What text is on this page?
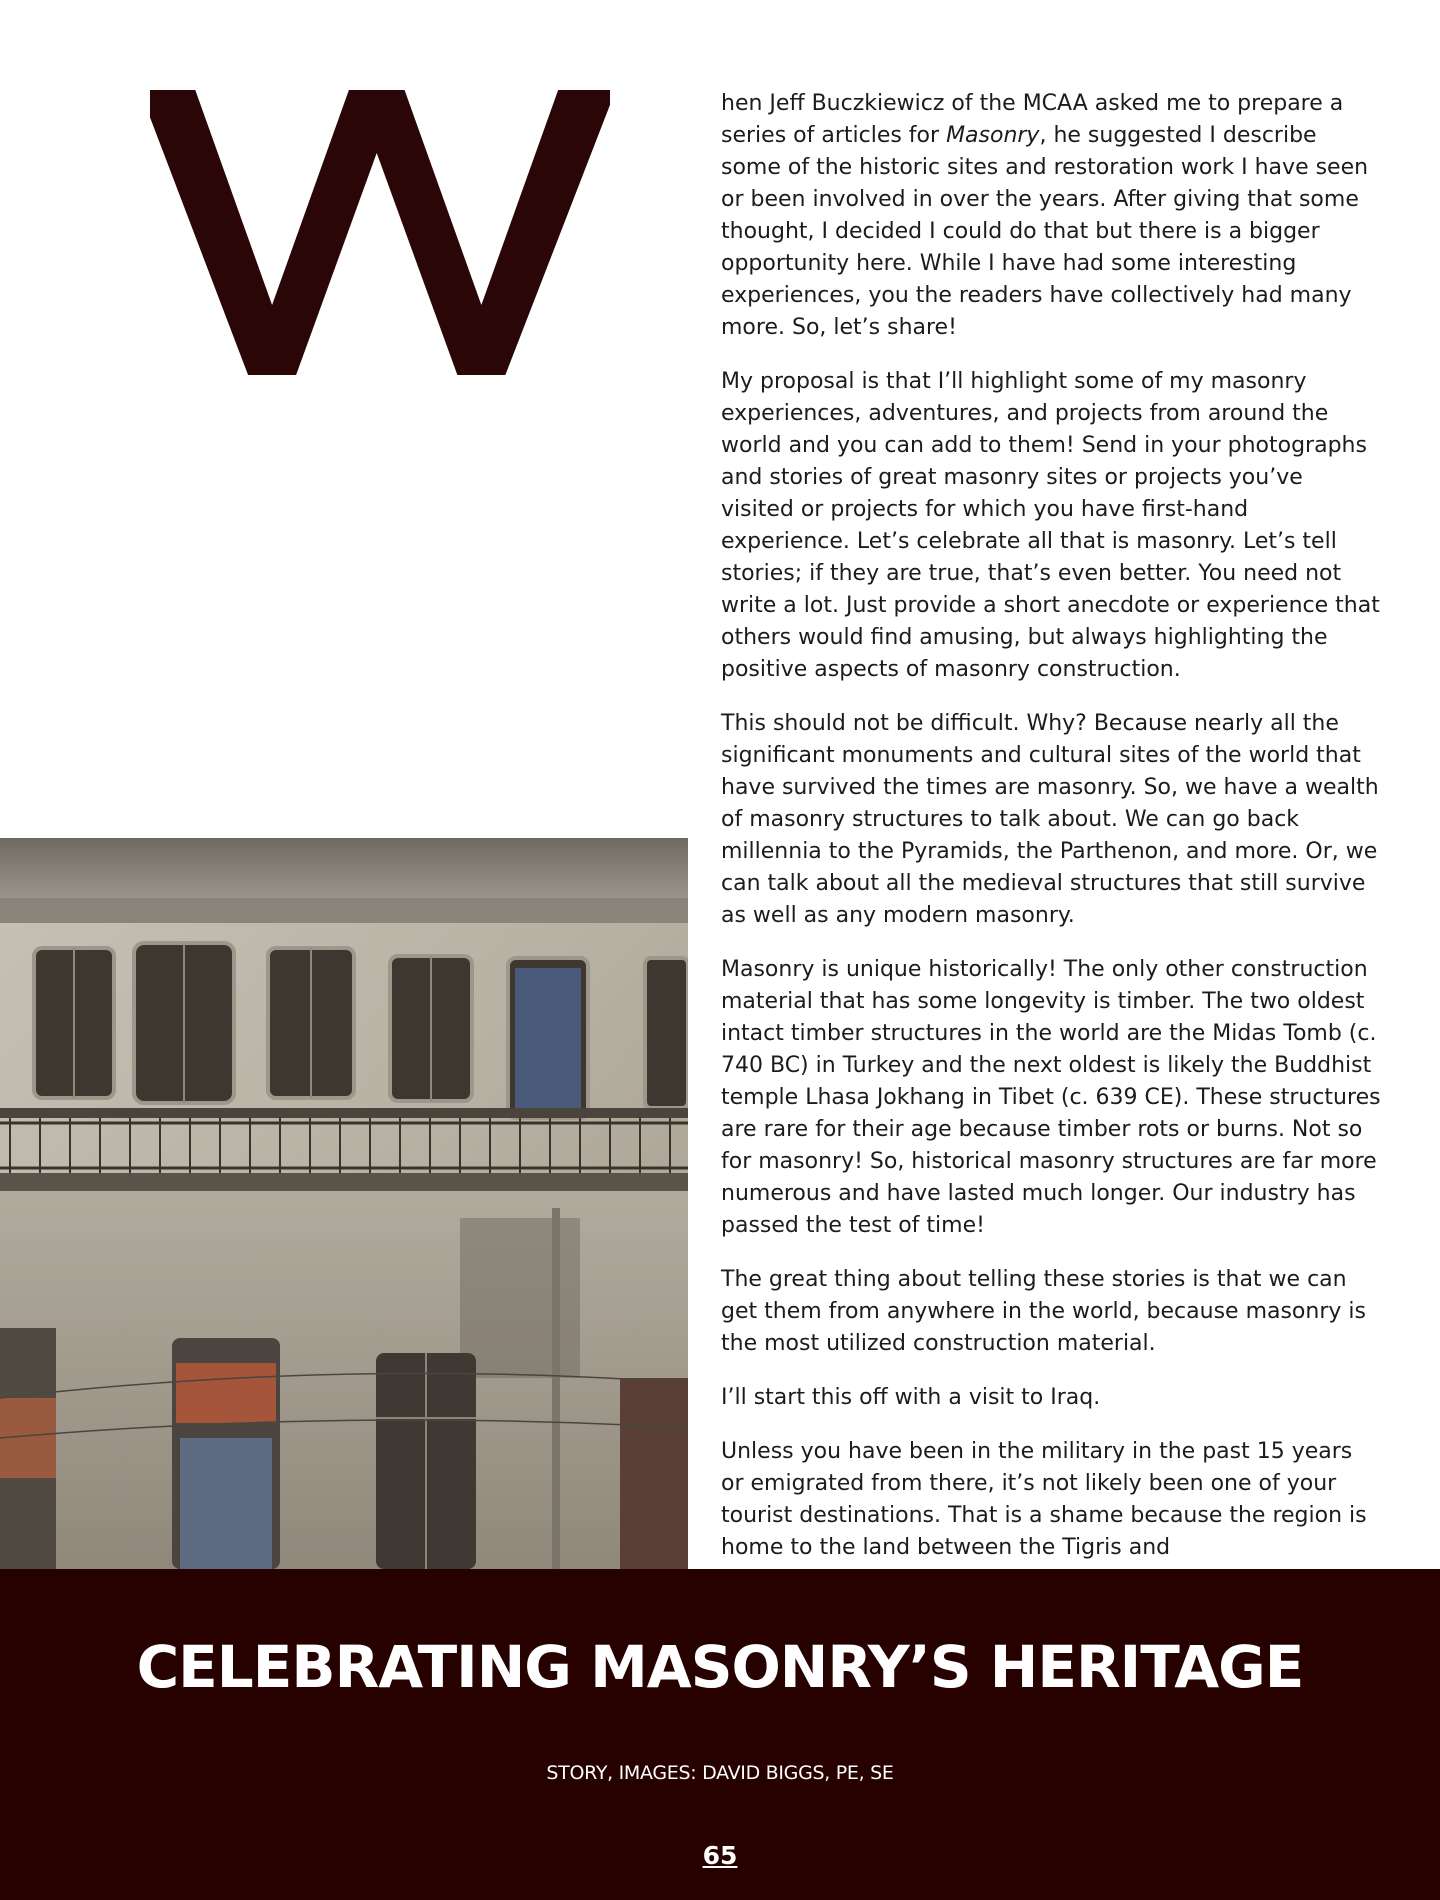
hen Jeff Buczkiewicz of the MCAA asked me to prepare a series of articles for Masonry, he suggested I describe some of the historic sites and restoration work I have seen or been involved in over the years. After giving that some thought, I decided I could do that but there is a bigger opportunity here. While I have had some interesting experiences, you the readers have collectively had many more. So, let’s share!

My proposal is that I’ll highlight some of my masonry experiences, adventures, and projects from around the world and you can add to them! Send in your photographs and stories of great masonry sites or projects you’ve visited or projects for which you have first-hand experience. Let’s celebrate all that is masonry. Let’s tell stories; if they are true, that’s even better. You need not write a lot. Just provide a short anecdote or experience that others would find amusing, but always highlighting the positive aspects of masonry construction.

This should not be difficult. Why? Because nearly all the significant monuments and cultural sites of the world that have survived the times are masonry. So, we have a wealth of masonry structures to talk about. We can go back millennia to the Pyramids, the Parthenon, and more. Or, we can talk about all the medieval structures that still survive as well as any modern masonry.

Masonry is unique historically! The only other construction material that has some longevity is timber. The two oldest intact timber structures in the world are the Midas Tomb (c. 740 BC) in Turkey and the next oldest is likely the Buddhist temple Lhasa Jokhang in Tibet (c. 639 CE). These structures are rare for their age because timber rots or burns. Not so for masonry! So, historical masonry structures are far more numerous and have lasted much longer. Our industry has passed the test of time!

The great thing about telling these stories is that we can get them from anywhere in the world, because masonry is the most utilized construction material.

I’ll start this off with a visit to Iraq.

Unless you have been in the military in the past 15 years or emigrated from there, it’s not likely been one of your tourist destinations. That is a shame because the region is home to the land between the Tigris and

CELEBRATING MASONRY’S HERITAGE
STORY, IMAGES: DAVID BIGGS, PE, SE
65
